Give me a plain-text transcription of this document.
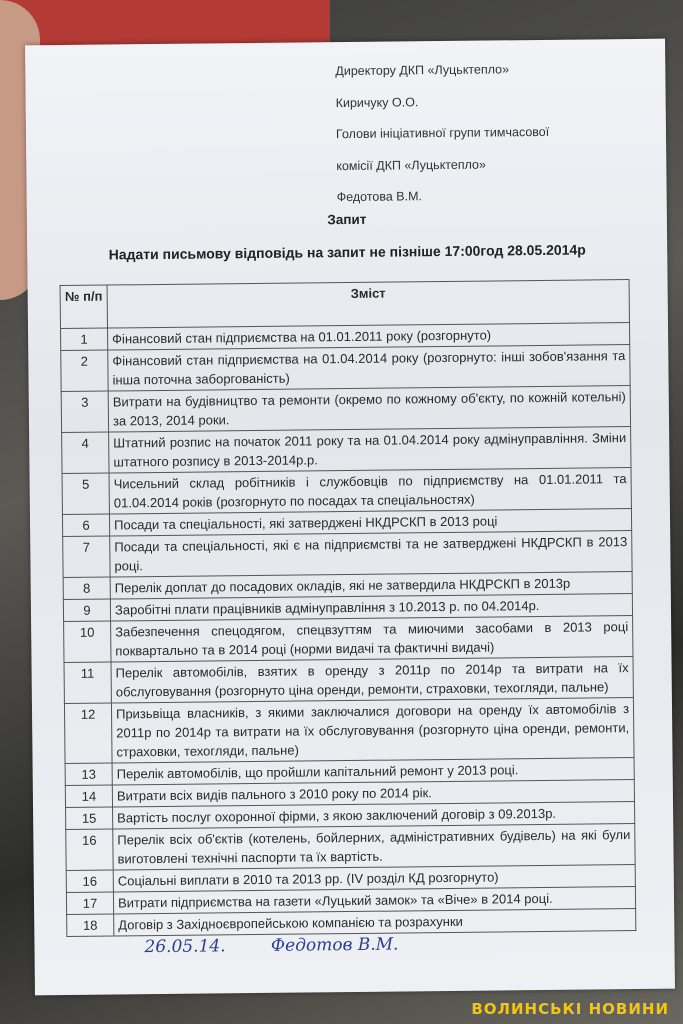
Директору ДКП «Луцьктепло»
Киричуку О.О.
Голови ініціативної групи тимчасової
комісії ДКП «Луцьктепло»
Федотова В.М.
Запит
Надати письмову відповідь на запит не пізніше 17:00год 28.05.2014р
№ п/п	Зміст
1	Фінансовий стан підприємства на 01.01.2011 року (розгорнуто)
2	Фінансовий стан підприємства на 01.04.2014 року (розгорнуто: інші зобов'язання та інша поточна заборгованість)
3	Витрати на будівництво та ремонти (окремо по кожному об'єкту, по кожній котельні) за 2013, 2014 роки.
4	Штатний розпис на початок 2011 року та на 01.04.2014 року адмінуправління. Зміни штатного розпису в 2013-2014р.р.
5	Чисельний склад робітників і службовців по підприємству на 01.01.2011 та 01.04.2014 років (розгорнуто по посадах та спеціальностях)
6	Посади та спеціальності, які затверджені НКДРСКП в 2013 році
7	Посади та спеціальності, які є на підприємстві та не затверджені НКДРСКП в 2013 році.
8	Перелік доплат до посадових окладів, які не затвердила НКДРСКП в 2013р
9	Заробітні плати працівників адмінуправління з 10.2013 р. по 04.2014р.
10	Забезпечення спецодягом, спецвзуттям та миючими засобами в 2013 році поквартально та в 2014 році (норми видачі та фактичні видачі)
11	Перелік автомобілів, взятих в оренду з 2011р по 2014р та витрати на їх обслуговування (розгорнуто ціна оренди, ремонти, страховки, техогляди, пальне)
12	Призьвіща власників, з якими заключалися договори на оренду їх автомобілів з 2011р по 2014р та витрати на їх обслуговування (розгорнуто ціна оренди, ремонти, страховки, техогляди, пальне)
13	Перелік автомобілів, що пройшли капітальний ремонт у 2013 році.
14	Витрати всіх видів пального з 2010 року по 2014 рік.
15	Вартість послуг охоронної фірми, з якою заключений договір з 09.2013р.
16	Перелік всіх об'єктів (котелень, бойлерних, адміністративних будівель) на які були виготовлені технічні паспорти та їх вартість.
16	Соціальні виплати в 2010 та 2013 рр. (IV розділ КД розгорнуто)
17	Витрати підприємства на газети «Луцький замок» та «Віче» в 2014 році.
18	Договір з Західноєвропейською компанією та розрахунки
26.05.14.	Федотов В.М.
ВОЛИНСЬКІ НОВИНИ
